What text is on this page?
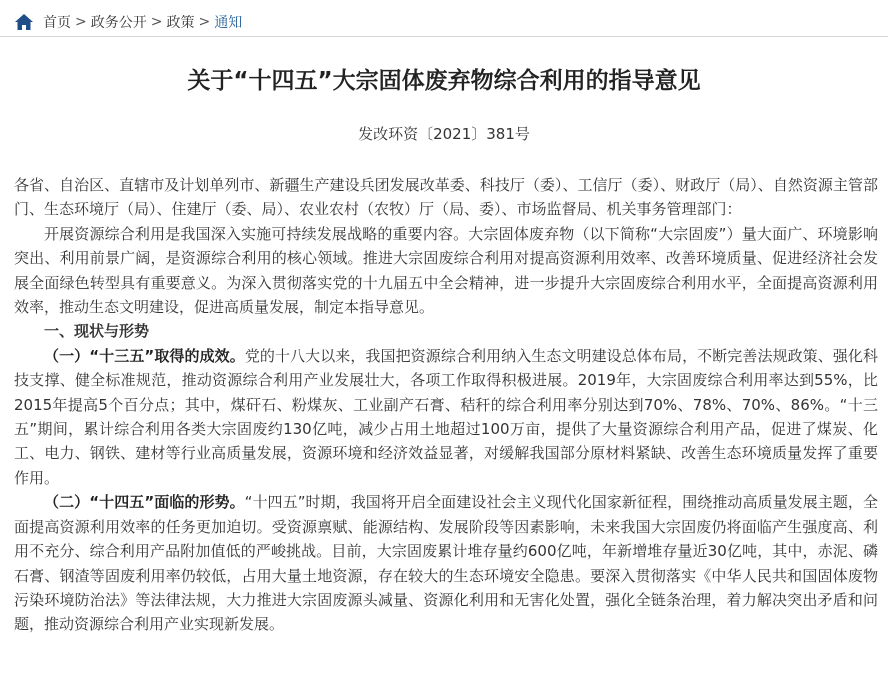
首页 > 政务公开 > 政策 > 通知
关于“十四五”大宗固体废弃物综合利用的指导意见
发改环资〔2021〕381号

各省、自治区、直辖市及计划单列市、新疆生产建设兵团发展改革委、科技厅（委）、工信厅（委）、财政厅（局）、自然资源主管部门、生态环境厅（局）、住建厅（委、局）、农业农村（农牧）厅（局、委）、市场监督局、机关事务管理部门：

开展资源综合利用是我国深入实施可持续发展战略的重要内容。大宗固体废弃物（以下简称“大宗固废”）量大面广、环境影响突出、利用前景广阔，是资源综合利用的核心领域。推进大宗固废综合利用对提高资源利用效率、改善环境质量、促进经济社会发展全面绿色转型具有重要意义。为深入贯彻落实党的十九届五中全会精神，进一步提升大宗固废综合利用水平，全面提高资源利用效率，推动生态文明建设，促进高质量发展，制定本指导意见。

一、现状与形势

（一）“十三五”取得的成效。党的十八大以来，我国把资源综合利用纳入生态文明建设总体布局，不断完善法规政策、强化科技支撑、健全标准规范，推动资源综合利用产业发展壮大，各项工作取得积极进展。2019年，大宗固废综合利用率达到55%，比2015年提高5个百分点；其中，煤矸石、粉煤灰、工业副产石膏、秸秆的综合利用率分别达到70%、78%、70%、86%。“十三五”期间，累计综合利用各类大宗固废约130亿吨，减少占用土地超过100万亩，提供了大量资源综合利用产品，促进了煤炭、化工、电力、钢铁、建材等行业高质量发展，资源环境和经济效益显著，对缓解我国部分原材料紧缺、改善生态环境质量发挥了重要作用。

（二）“十四五”面临的形势。“十四五”时期，我国将开启全面建设社会主义现代化国家新征程，围绕推动高质量发展主题，全面提高资源利用效率的任务更加迫切。受资源禀赋、能源结构、发展阶段等因素影响，未来我国大宗固废仍将面临产生强度高、利用不充分、综合利用产品附加值低的严峻挑战。目前，大宗固废累计堆存量约600亿吨，年新增堆存量近30亿吨，其中，赤泥、磷石膏、钢渣等固废利用率仍较低，占用大量土地资源，存在较大的生态环境安全隐患。要深入贯彻落实《中华人民共和国固体废物污染环境防治法》等法律法规，大力推进大宗固废源头减量、资源化利用和无害化处置，强化全链条治理，着力解决突出矛盾和问题，推动资源综合利用产业实现新发展。
